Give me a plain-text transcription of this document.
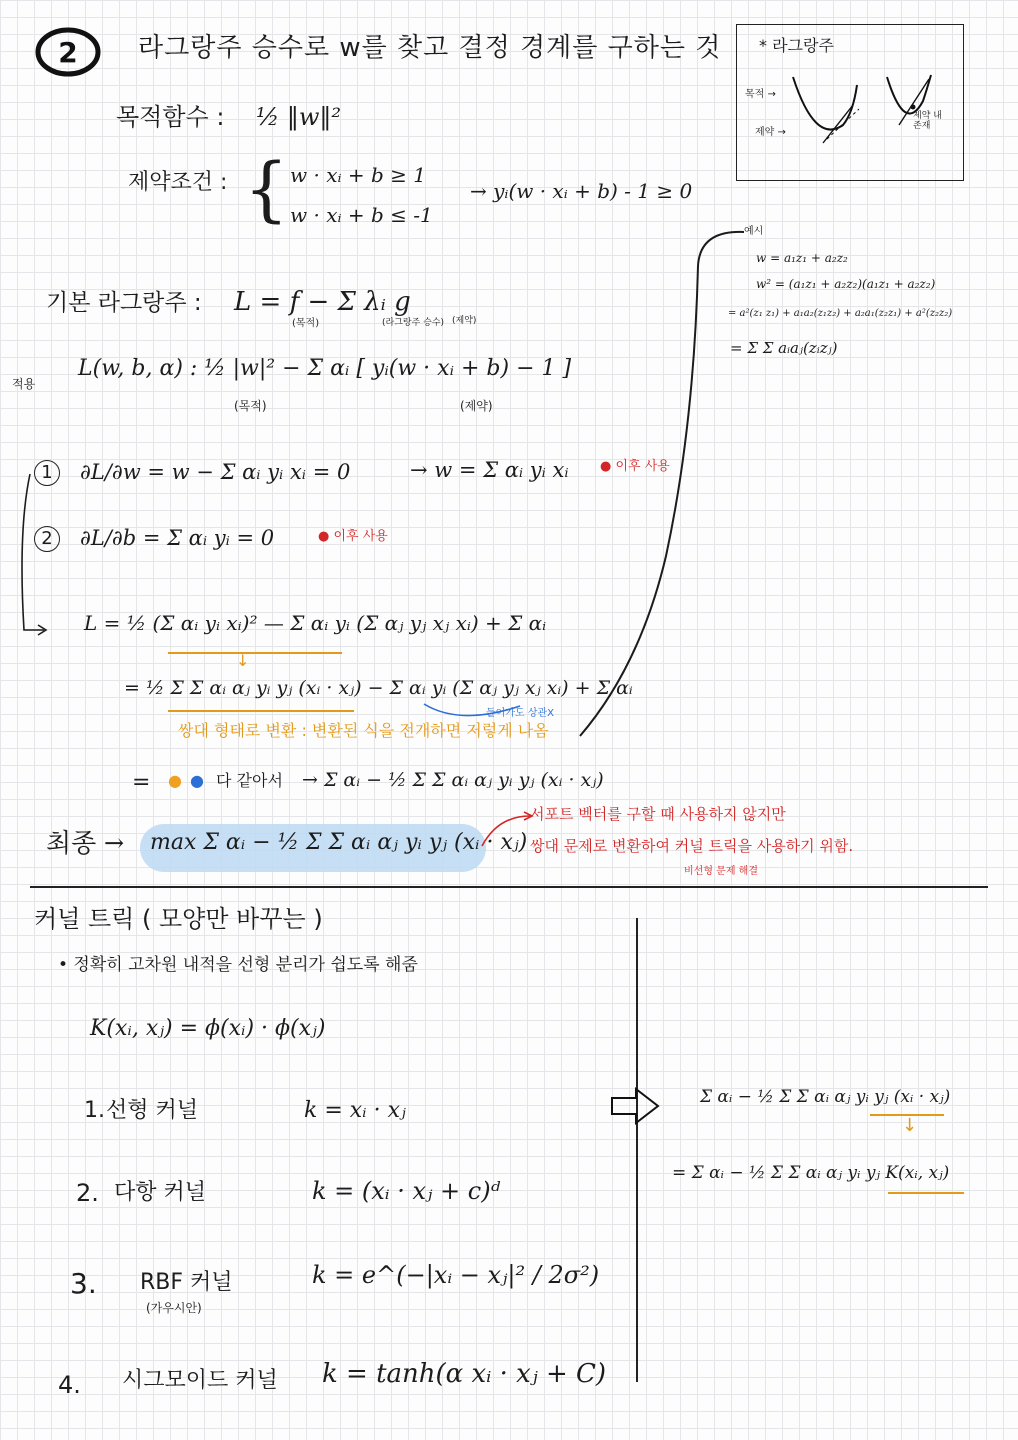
2 라그랑주 승수로 w를 찾고 결정 경계를 구하는 것 * 라그랑주
목적 →
제약 →
제약 내 존재
목적함수 : ½ ‖w‖²
제약조건 : { w · xᵢ + b ≥ 1
w · xᵢ + b ≤ -1
→ yᵢ(w · xᵢ + b) - 1 ≥ 0
예시
w = a₁z₁ + a₂z₂
w² = (a₁z₁ + a₂z₂)(a₁z₁ + a₂z₂)
= a²(z₁ z₁) + a₁a₂(z₁z₂) + a₂a₁(z₂z₁) + a²(z₂z₂)
= Σ Σ aᵢaⱼ(zᵢzⱼ)
기본 라그랑주 : L = f − Σ λᵢ g
(목적)	(라그랑주 승수) (제약)
적용
L(w, b, α) : ½ |w|² − Σ αᵢ [ yᵢ(w · xᵢ + b) − 1 ]
(목적)	(제약)
1	∂L/∂w = w − Σ αᵢ yᵢ xᵢ = 0	→ w = Σ αᵢ yᵢ xᵢ ● 이후 사용
2	∂L/∂b = Σ αᵢ yᵢ = 0	● 이후 사용
L = ½ (Σ αᵢ yᵢ xᵢ)² — Σ αᵢ yᵢ (Σ αⱼ yⱼ xⱼ xᵢ) + Σ αᵢ
↓
= ½ Σ Σ αᵢ αⱼ yᵢ yⱼ (xᵢ · xⱼ) − Σ αᵢ yᵢ (Σ αⱼ yⱼ xⱼ xᵢ) + Σ αᵢ
들어가도 상관X
쌍대 형태로 변환 : 변환된 식을 전개하면 저렇게 나옴
= ● ● 다 같아서 → Σ αᵢ − ½ Σ Σ αᵢ αⱼ yᵢ yⱼ (xᵢ · xⱼ)
최종 → max Σ αᵢ − ½ Σ Σ αᵢ αⱼ yᵢ yⱼ (xᵢ · xⱼ)
서포트 벡터를 구할 때 사용하지 않지만
쌍대 문제로 변환하여 커널 트릭을 사용하기 위함.
비선형 문제 해결
커널 트릭 ( 모양만 바꾸는 )
• 정확히 고차원 내적을 선형 분리가 쉽도록 해줌
K(xᵢ, xⱼ) = ϕ(xᵢ) · ϕ(xⱼ)
1. 선형 커널	k = xᵢ · xⱼ
2. 다항 커널	k = (xᵢ · xⱼ + c)ᵈ
3. RBF 커널
(가우시안)
k = e^(−|xᵢ − xⱼ|² / 2σ²)
4. 시그모이드 커널 k = tanh(α xᵢ · xⱼ + C)
Σ αᵢ − ½ Σ Σ αᵢ αⱼ yᵢ yⱼ (xᵢ · xⱼ)
↓
= Σ αᵢ − ½ Σ Σ αᵢ αⱼ yᵢ yⱼ K(xᵢ, xⱼ)
